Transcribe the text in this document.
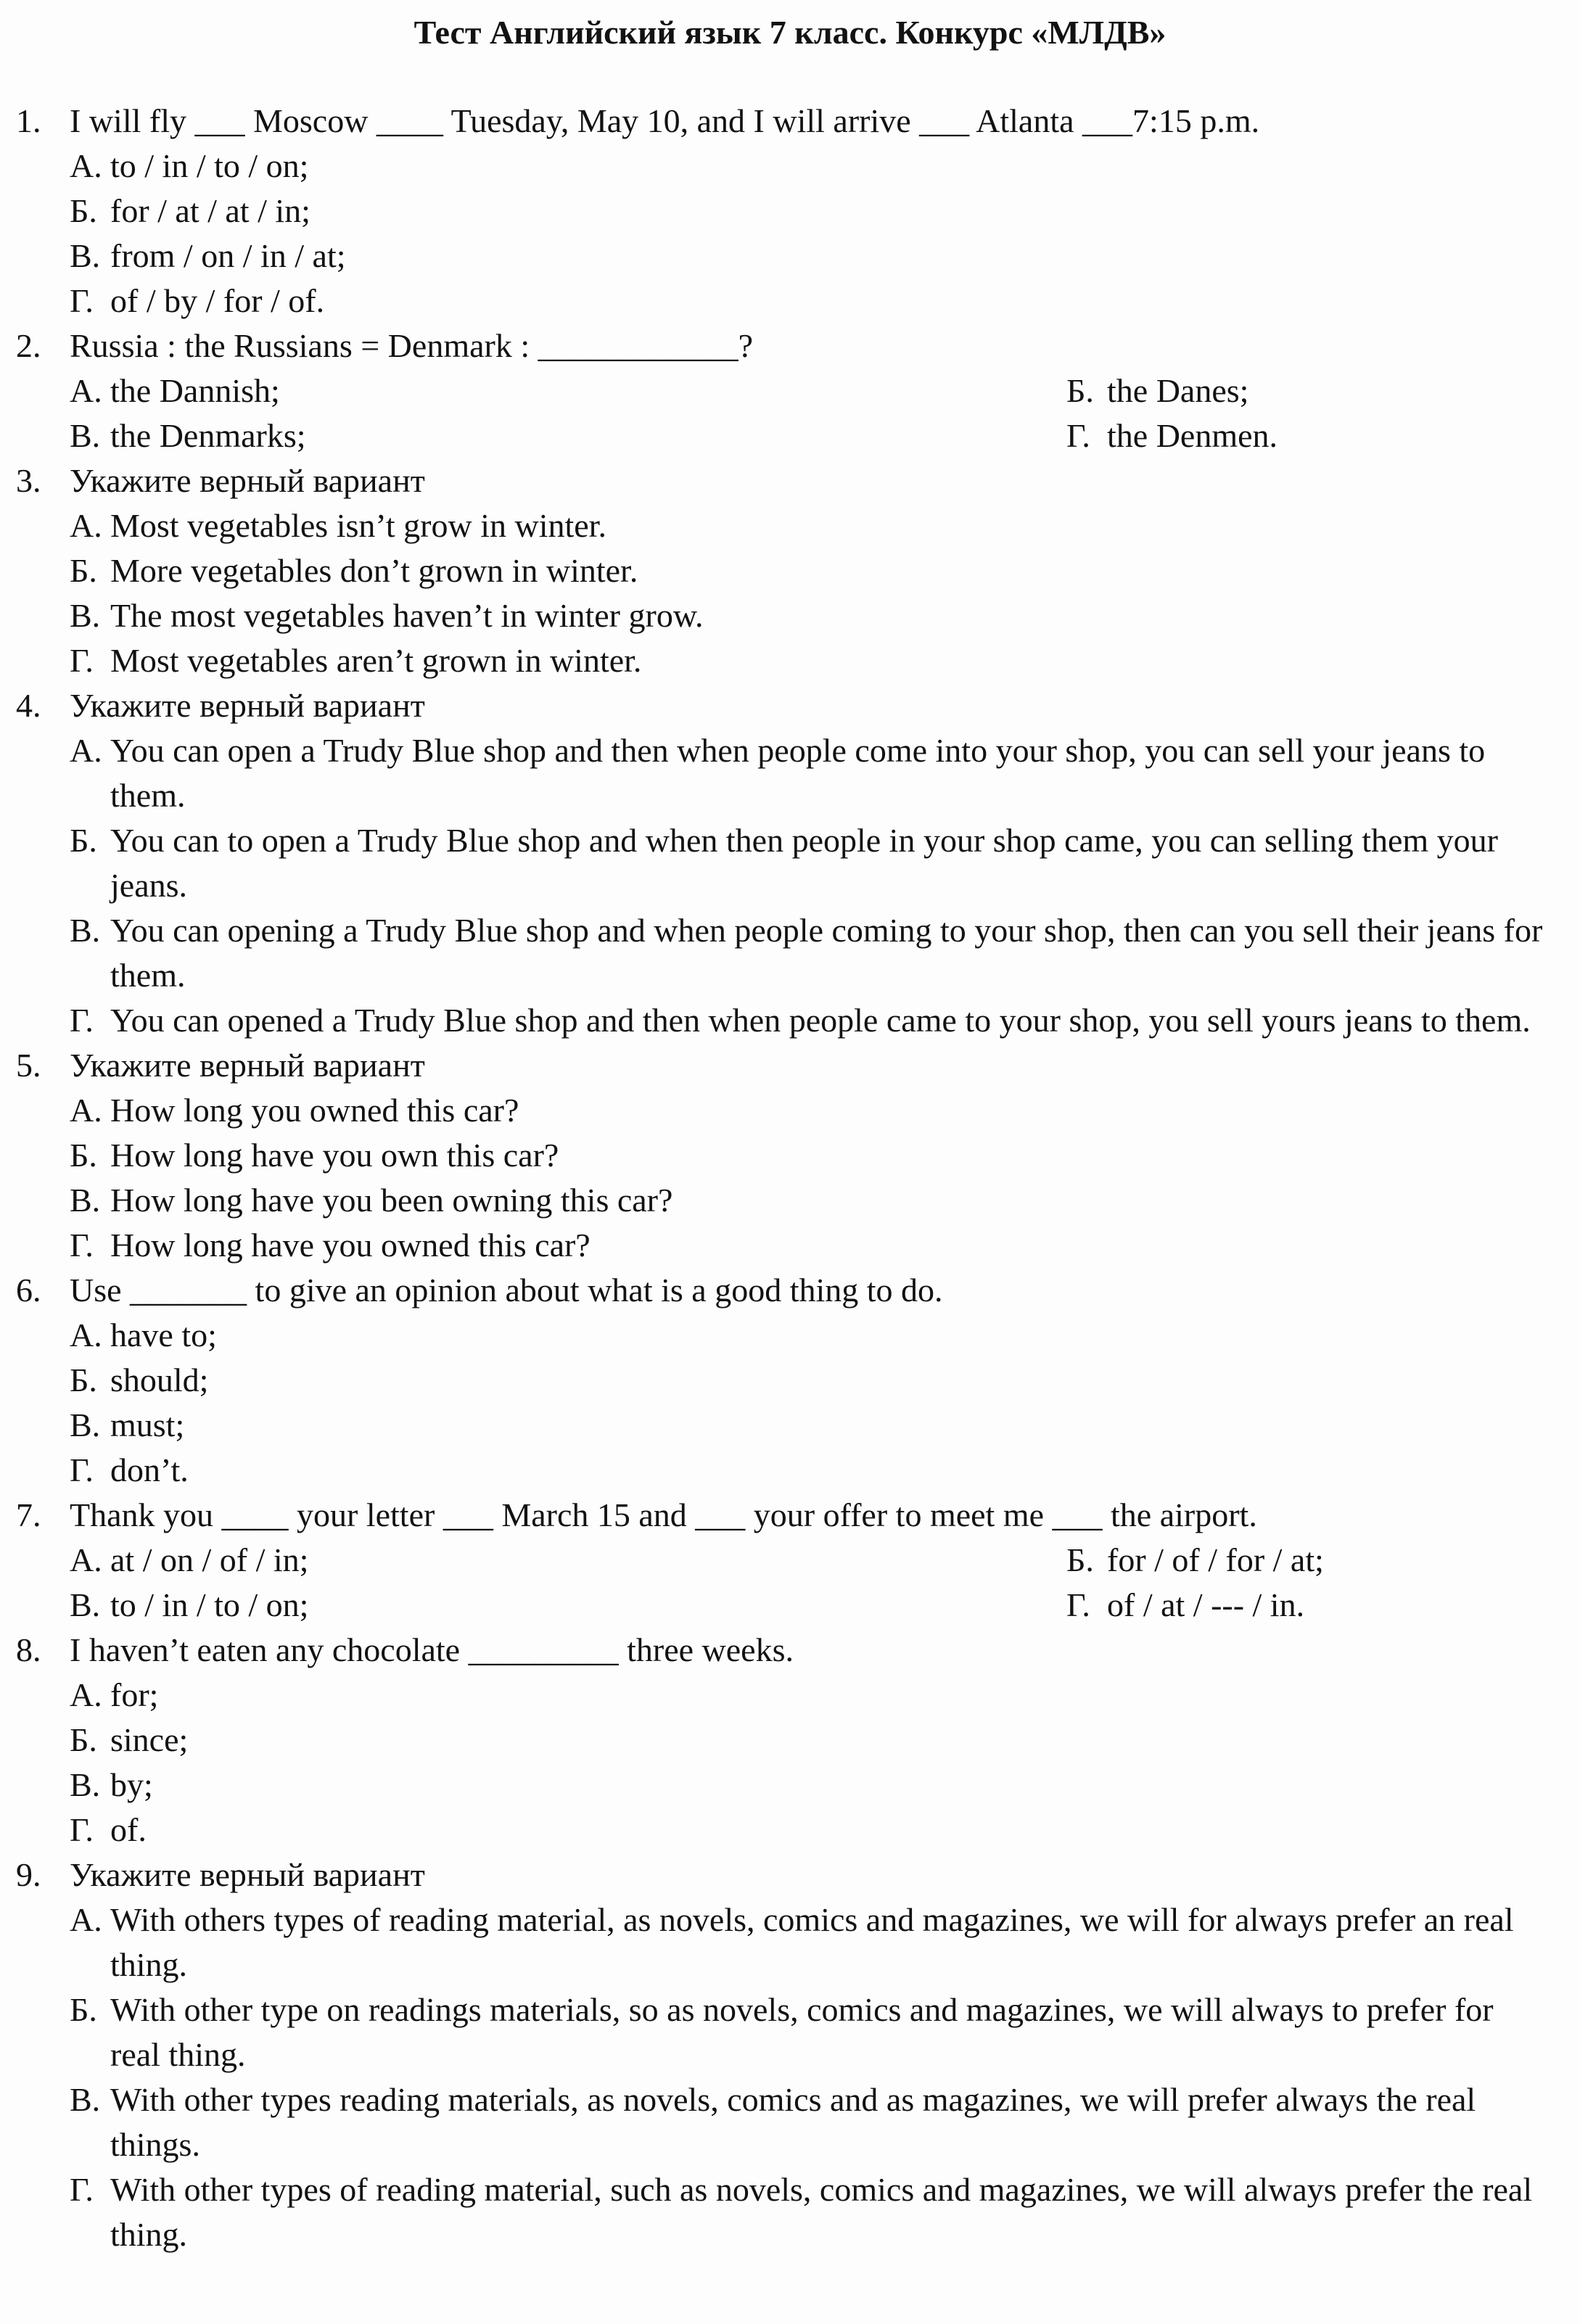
Тест Английский язык 7 класс. Конкурс «МЛДВ»
1. I will fly ___ Moscow ____ Tuesday, May 10, and I will arrive ___ Atlanta ___7:15 p.m.
А. to / in / to / on;
Б. for / at / at / in;
В. from / on / in / at;
Г. of / by / for / of.
2. Russia : the Russians = Denmark : ____________?
А. the Dannish;	Б. the Danes;
В. the Denmarks;	Г. the Denmen.
3. Укажите верный вариант
А. Most vegetables isn’t grow in winter.
Б. More vegetables don’t grown in winter.
В. The most vegetables haven’t in winter grow.
Г. Most vegetables aren’t grown in winter.
4. Укажите верный вариант
А. You can open a Trudy Blue shop and then when people come into your shop, you can sell your jeans to them.
Б. You can to open a Trudy Blue shop and when then people in your shop came, you can selling them your jeans.
В. You can opening a Trudy Blue shop and when people coming to your shop, then can you sell their jeans for them.
Г. You can opened a Trudy Blue shop and then when people came to your shop, you sell yours jeans to them.
5. Укажите верный вариант
А. How long you owned this car?
Б. How long have you own this car?
В. How long have you been owning this car?
Г. How long have you owned this car?
6. Use _______ to give an opinion about what is a good thing to do.
А. have to;
Б. should;
В. must;
Г. don’t.
7. Thank you ____ your letter ___ March 15 and ___ your offer to meet me ___ the airport.
А. at / on / of / in;	Б. for / of / for / at;
В. to / in / to / on;	Г. of / at / --- / in.
8. I haven’t eaten any chocolate _________ three weeks.
А. for;
Б. since;
В. by;
Г. of.
9. Укажите верный вариант
А. With others types of reading material, as novels, comics and magazines, we will for always prefer an real thing.
Б. With other type on readings materials, so as novels, comics and magazines, we will always to prefer for real thing.
В. With other types reading materials, as novels, comics and as magazines, we will prefer always the real things.
Г. With other types of reading material, such as novels, comics and magazines, we will always prefer the real thing.
